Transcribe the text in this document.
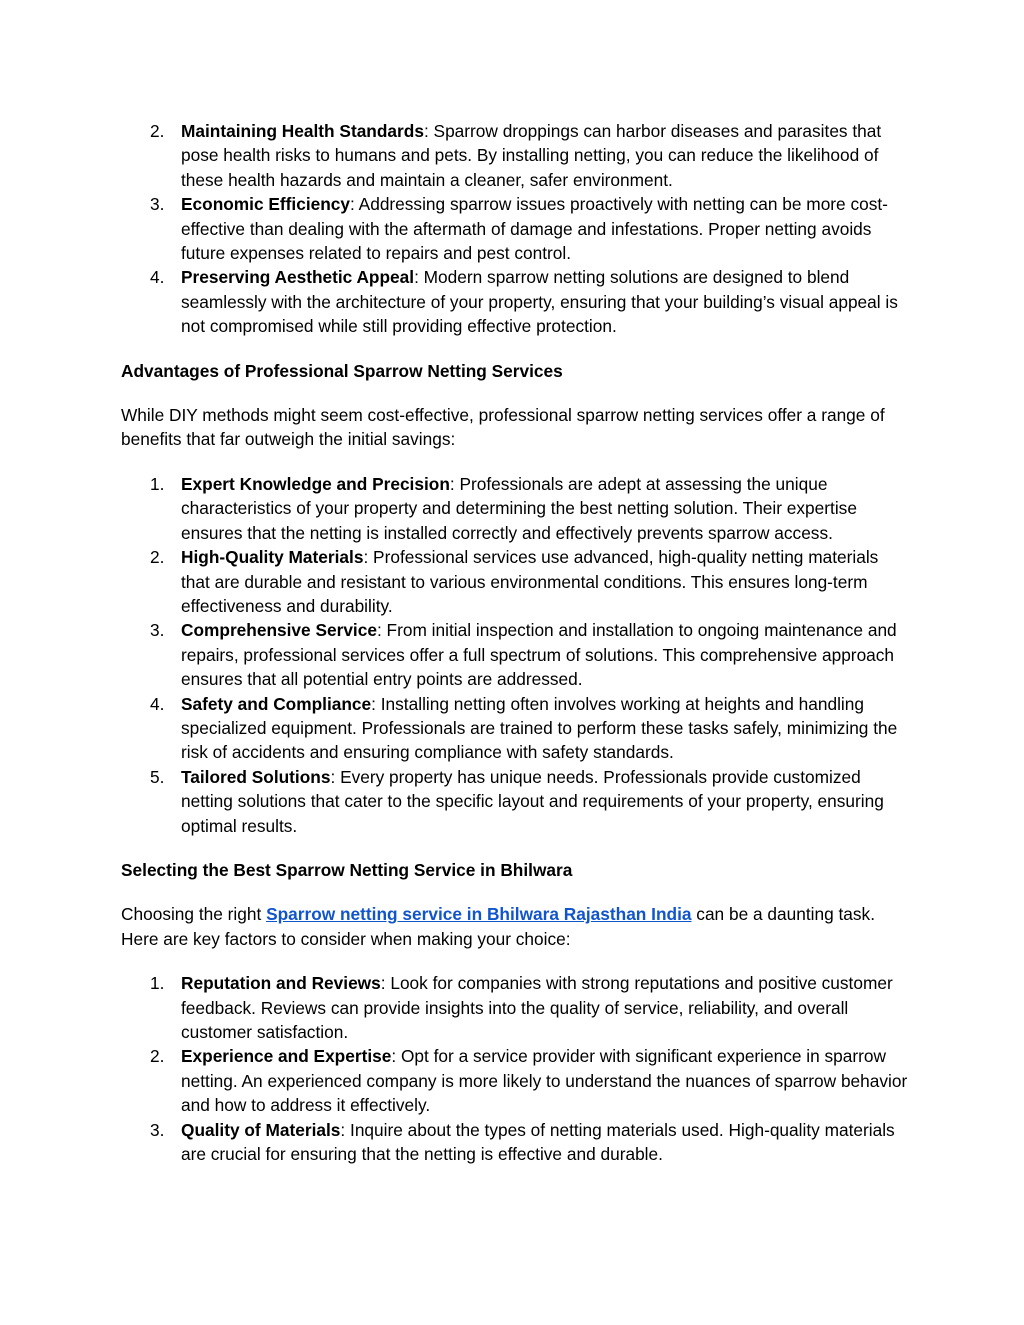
2. Maintaining Health Standards: Sparrow droppings can harbor diseases and parasites that pose health risks to humans and pets. By installing netting, you can reduce the likelihood of these health hazards and maintain a cleaner, safer environment.
3. Economic Efficiency: Addressing sparrow issues proactively with netting can be more cost-effective than dealing with the aftermath of damage and infestations. Proper netting avoids future expenses related to repairs and pest control.
4. Preserving Aesthetic Appeal: Modern sparrow netting solutions are designed to blend seamlessly with the architecture of your property, ensuring that your building’s visual appeal is not compromised while still providing effective protection.

Advantages of Professional Sparrow Netting Services

While DIY methods might seem cost-effective, professional sparrow netting services offer a range of benefits that far outweigh the initial savings:

1. Expert Knowledge and Precision: Professionals are adept at assessing the unique characteristics of your property and determining the best netting solution. Their expertise ensures that the netting is installed correctly and effectively prevents sparrow access.
2. High-Quality Materials: Professional services use advanced, high-quality netting materials that are durable and resistant to various environmental conditions. This ensures long-term effectiveness and durability.
3. Comprehensive Service: From initial inspection and installation to ongoing maintenance and repairs, professional services offer a full spectrum of solutions. This comprehensive approach ensures that all potential entry points are addressed.
4. Safety and Compliance: Installing netting often involves working at heights and handling specialized equipment. Professionals are trained to perform these tasks safely, minimizing the risk of accidents and ensuring compliance with safety standards.
5. Tailored Solutions: Every property has unique needs. Professionals provide customized netting solutions that cater to the specific layout and requirements of your property, ensuring optimal results.

Selecting the Best Sparrow Netting Service in Bhilwara

Choosing the right Sparrow netting service in Bhilwara Rajasthan India can be a daunting task. Here are key factors to consider when making your choice:

1. Reputation and Reviews: Look for companies with strong reputations and positive customer feedback. Reviews can provide insights into the quality of service, reliability, and overall customer satisfaction.
2. Experience and Expertise: Opt for a service provider with significant experience in sparrow netting. An experienced company is more likely to understand the nuances of sparrow behavior and how to address it effectively.
3. Quality of Materials: Inquire about the types of netting materials used. High-quality materials are crucial for ensuring that the netting is effective and durable.
